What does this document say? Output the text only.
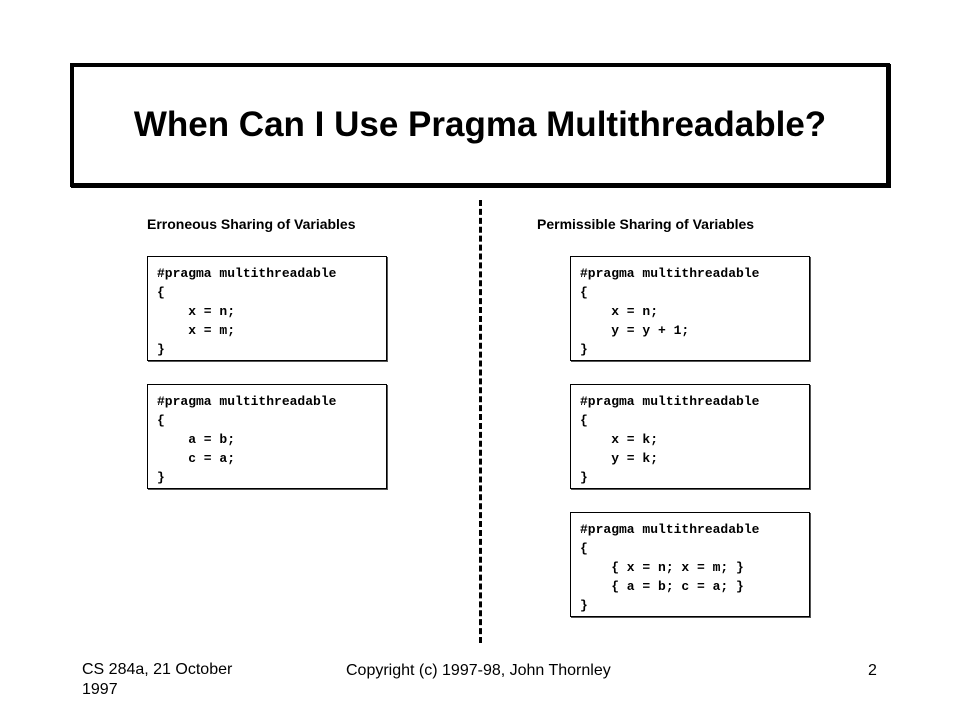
When Can I Use Pragma Multithreadable?

Erroneous Sharing of Variables	Permissible Sharing of Variables

#pragma multithreadable

{

x = n;

x = m;

}

#pragma multithreadable

{

a = b;

c = a;

}

#pragma multithreadable

{

x = n;

y = y + 1;

}

#pragma multithreadable

{

x = k;

y = k;

}

#pragma multithreadable

{

{ x = n; x = m; }

{ a = b; c = a; }

}

CS 284a, 21 October 1997

Copyright (c) 1997-98, John Thornley	2
